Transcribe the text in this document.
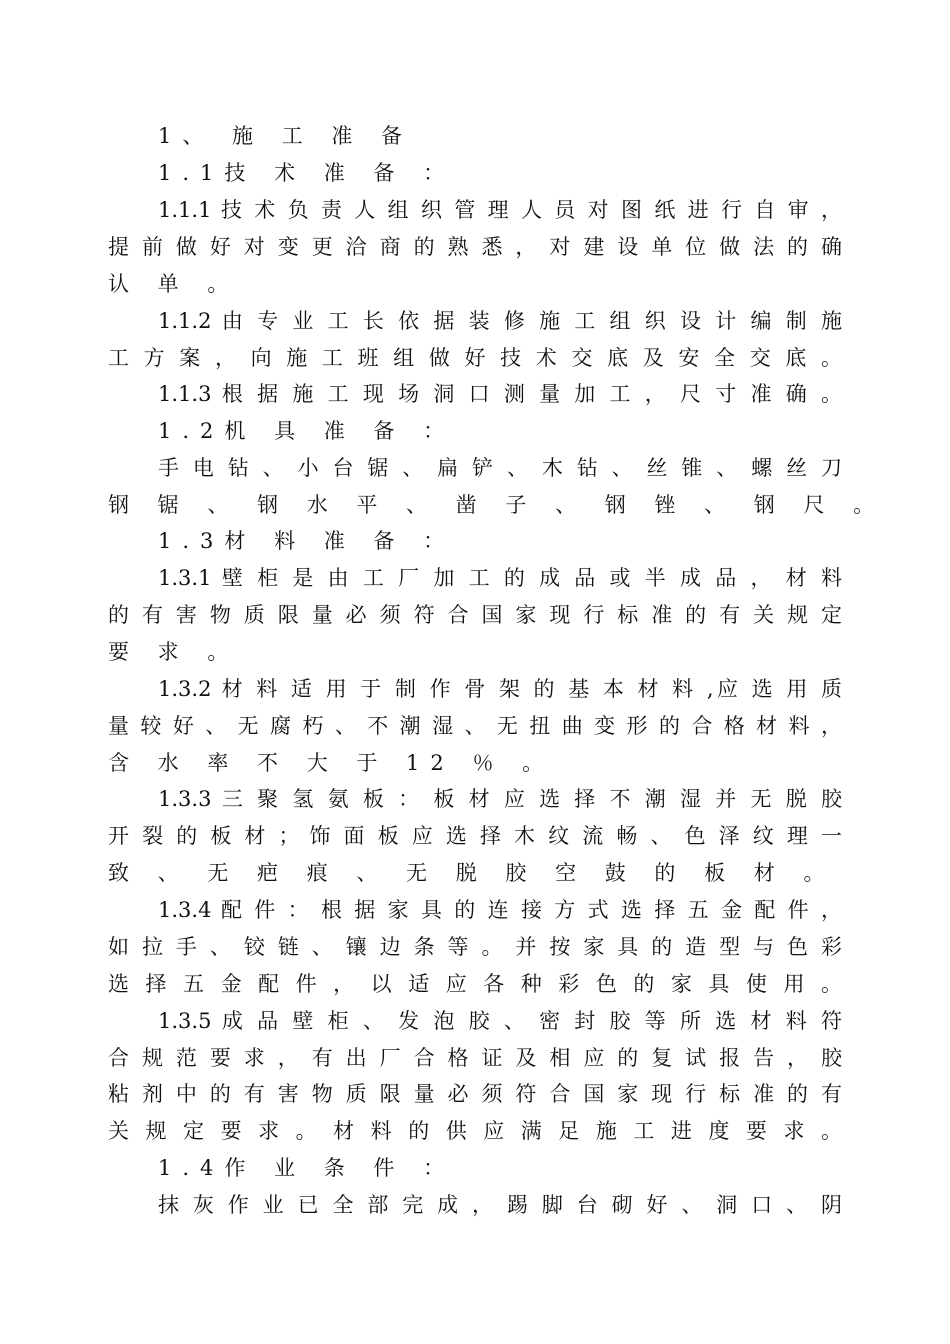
1、 施 工 准 备
1.1技 术 准 备 ：
1.1.1 技 术 负 责 人 组 织 管 理 人 员 对 图 纸 进 行 自 审 ，
提 前 做 好 对 变 更 洽 商 的 熟 悉 ， 对 建 设 单 位 做 法 的 确
认 单 。
1.1.2 由 专 业 工 长 依 据 装 修 施 工 组 织 设 计 编 制 施
工 方 案 ， 向 施 工 班 组 做 好 技 术 交 底 及 安 全 交 底 。
1.1.3 根 据 施 工 现 场 洞 口 测 量 加 工 ， 尺 寸 准 确 。
1.2机 具 准 备 ：
手 电 钻 、 小 台 锯 、 扁 铲 、 木 钻 、 丝 锥 、 螺 丝 刀
钢 锯 、 钢 水 平 、 凿 子 、 钢 锉 、 钢 尺 。
1.3材 料 准 备 ：
1.3.1 壁 柜 是 由 工 厂 加 工 的 成 品 或 半 成 品 ， 材 料
的 有 害 物 质 限 量 必 须 符 合 国 家 现 行 标 准 的 有 关 规 定
要 求 。
1.3.2 材 料 适 用 于 制 作 骨 架 的 基 本 材 料 ,应 选 用 质
量 较 好 、 无 腐 朽 、 不 潮 湿 、 无 扭 曲 变 形 的 合 格 材 料 ，
含 水 率 不 大 于 12 ％ 。
1.3.3 三 聚 氢 氨 板 ： 板 材 应 选 择 不 潮 湿 并 无 脱 胶
开 裂 的 板 材 ； 饰 面 板 应 选 择 木 纹 流 畅 、 色 泽 纹 理 一
致 、 无 疤 痕 、 无 脱 胶 空 鼓 的 板 材 。
1.3.4 配 件 ： 根 据 家 具 的 连 接 方 式 选 择 五 金 配 件 ，
如 拉 手 、 铰 链 、 镶 边 条 等 。 并 按 家 具 的 造 型 与 色 彩
选 择 五 金 配 件 ， 以 适 应 各 种 彩 色 的 家 具 使 用 。
1.3.5 成 品 壁 柜 、 发 泡 胶 、 密 封 胶 等 所 选 材 料 符
合 规 范 要 求 ， 有 出 厂 合 格 证 及 相 应 的 复 试 报 告 ， 胶
粘 剂 中 的 有 害 物 质 限 量 必 须 符 合 国 家 现 行 标 准 的 有
关 规 定 要 求 。 材 料 的 供 应 满 足 施 工 进 度 要 求 。
1.4作 业 条 件 ：
抹 灰 作 业 已 全 部 完 成 ， 踢 脚 台 砌 好 、 洞 口 、 阴
